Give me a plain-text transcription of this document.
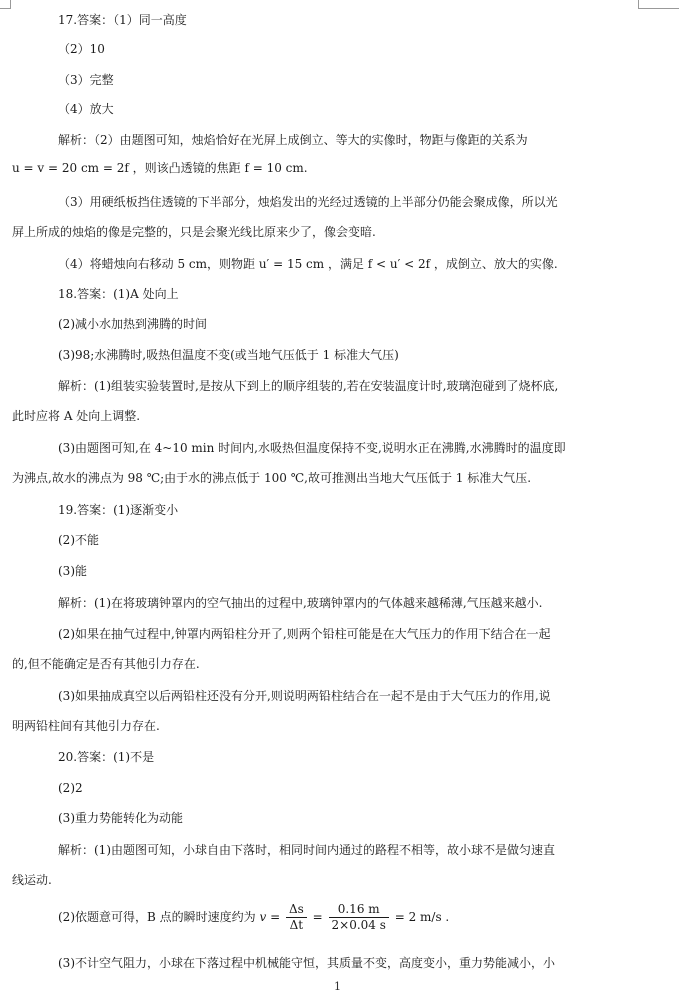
17.答案：（1）同一高度
（2）10
（3）完整
（4）放大
解析：（2）由题图可知，烛焰恰好在光屏上成倒立、等大的实像时，物距与像距的关系为
u = v = 20 cm = 2f ，则该凸透镜的焦距 f = 10 cm.
（3）用硬纸板挡住透镜的下半部分，烛焰发出的光经过透镜的上半部分仍能会聚成像，所以光
屏上所成的烛焰的像是完整的，只是会聚光线比原来少了，像会变暗.
（4）将蜡烛向右移动 5 cm，则物距 u′ = 15 cm ，满足 f < u′ < 2f ，成倒立、放大的实像.
18.答案：(1)A 处向上
(2)减小水加热到沸腾的时间
(3)98;水沸腾时,吸热但温度不变(或当地气压低于 1 标准大气压)
解析：(1)组装实验装置时,是按从下到上的顺序组装的,若在安装温度计时,玻璃泡碰到了烧杯底,
此时应将 A 处向上调整.
(3)由题图可知,在 4~10 min 时间内,水吸热但温度保持不变,说明水正在沸腾,水沸腾时的温度即
为沸点,故水的沸点为 98 ℃;由于水的沸点低于 100 ℃,故可推测出当地大气压低于 1 标准大气压.
19.答案：(1)逐渐变小
(2)不能
(3)能
解析：(1)在将玻璃钟罩内的空气抽出的过程中,玻璃钟罩内的气体越来越稀薄,气压越来越小.
(2)如果在抽气过程中,钟罩内两铅柱分开了,则两个铅柱可能是在大气压力的作用下结合在一起
的,但不能确定是否有其他引力存在.
(3)如果抽成真空以后两铅柱还没有分开,则说明两铅柱结合在一起不是由于大气压力的作用,说
明两铅柱间有其他引力存在.
20.答案：(1)不是
(2)2
(3)重力势能转化为动能
解析：(1)由题图可知，小球自由下落时，相同时间内通过的路程不相等，故小球不是做匀速直
线运动.
(2)依题意可得，B 点的瞬时速度约为 $v = \frac{\Delta s}{\Delta t} = \frac{0.16 m}{2\times 0.04 s} = 2$ m/s .
(3)不计空气阻力，小球在下落过程中机械能守恒，其质量不变，高度变小，重力势能减小，小
1
